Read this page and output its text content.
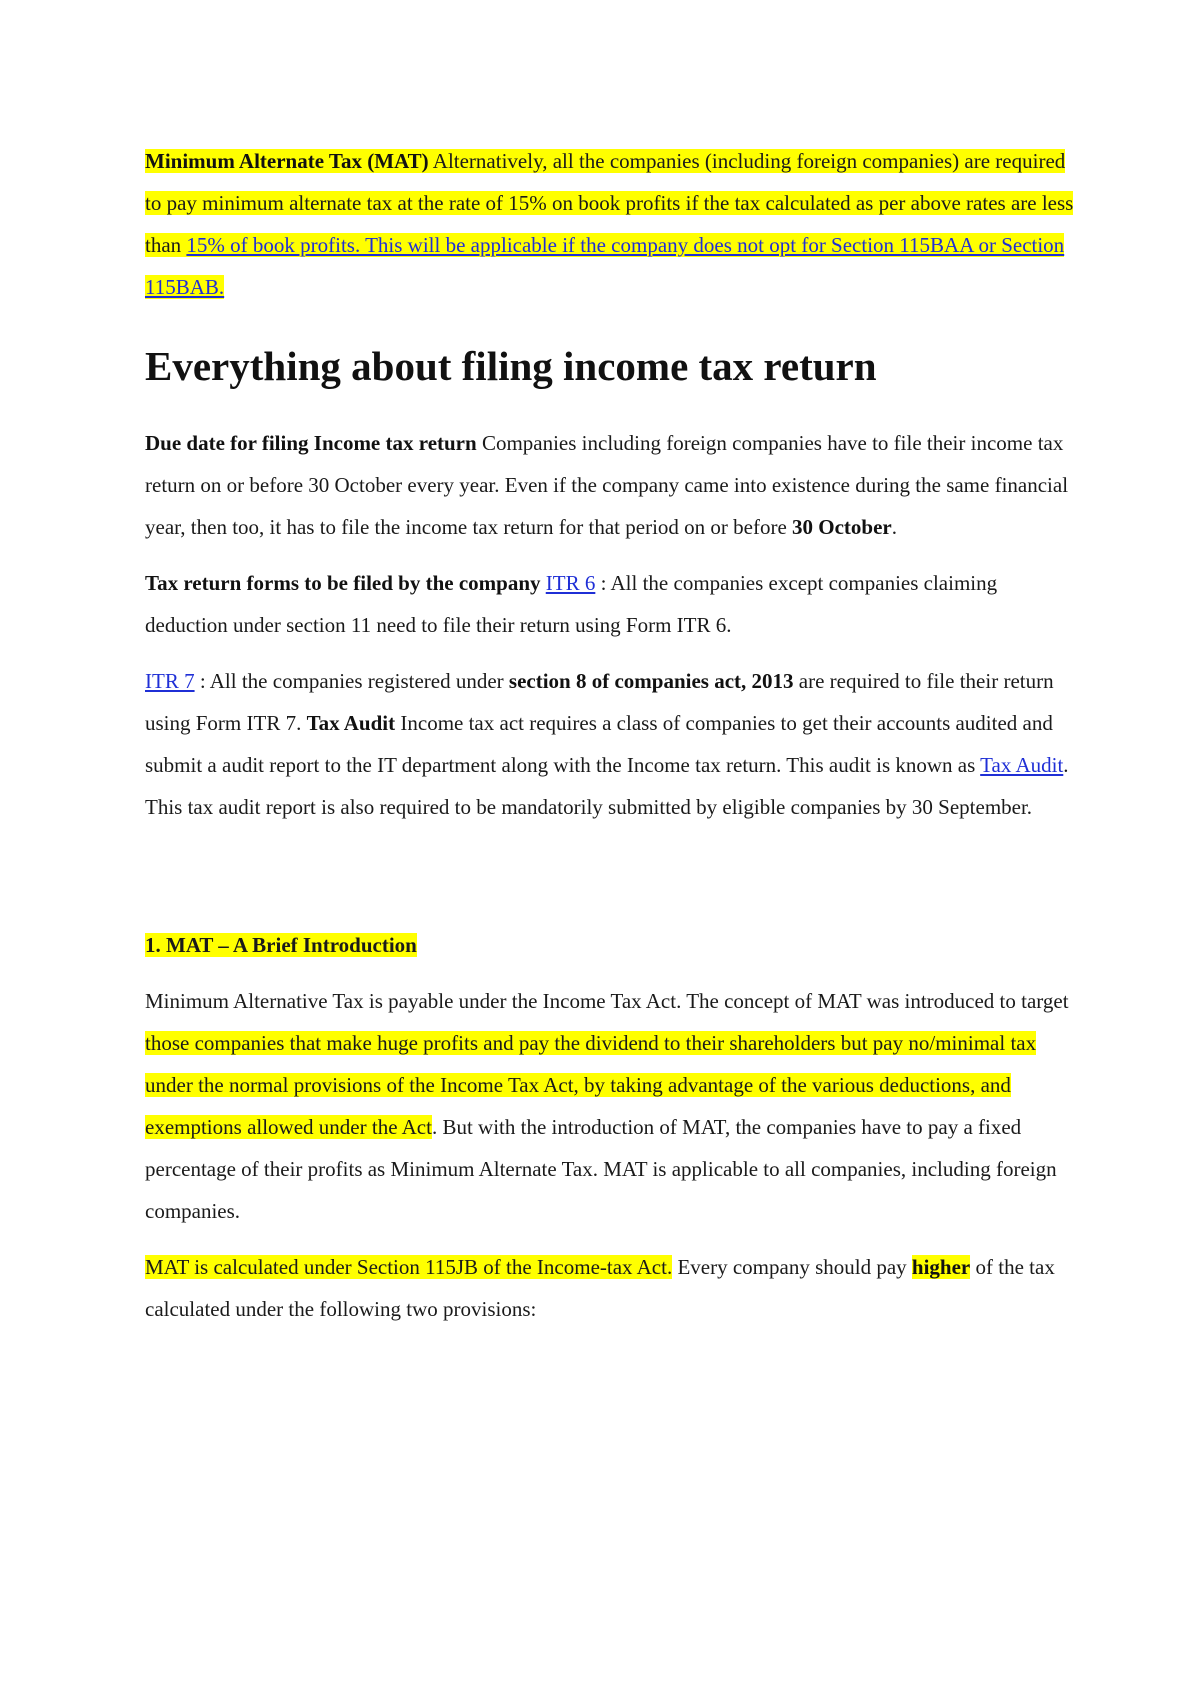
Minimum Alternate Tax (MAT) Alternatively, all the companies (including foreign companies) are required to pay minimum alternate tax at the rate of 15% on book profits if the tax calculated as per above rates are less than 15% of book profits. This will be applicable if the company does not opt for Section 115BAA or Section 115BAB.

Everything about filing income tax return

Due date for filing Income tax return Companies including foreign companies have to file their income tax return on or before 30 October every year. Even if the company came into existence during the same financial year, then too, it has to file the income tax return for that period on or before 30 October.

Tax return forms to be filed by the company ITR 6 : All the companies except companies claiming deduction under section 11 need to file their return using Form ITR 6.

ITR 7 : All the companies registered under section 8 of companies act, 2013 are required to file their return using Form ITR 7. Tax Audit Income tax act requires a class of companies to get their accounts audited and submit a audit report to the IT department along with the Income tax return. This audit is known as Tax Audit. This tax audit report is also required to be mandatorily submitted by eligible companies by 30 September.

1. MAT – A Brief Introduction

Minimum Alternative Tax is payable under the Income Tax Act. The concept of MAT was introduced to target those companies that make huge profits and pay the dividend to their shareholders but pay no/minimal tax under the normal provisions of the Income Tax Act, by taking advantage of the various deductions, and exemptions allowed under the Act. But with the introduction of MAT, the companies have to pay a fixed percentage of their profits as Minimum Alternate Tax. MAT is applicable to all companies, including foreign companies.

MAT is calculated under Section 115JB of the Income-tax Act. Every company should pay higher of the tax calculated under the following two provisions:
